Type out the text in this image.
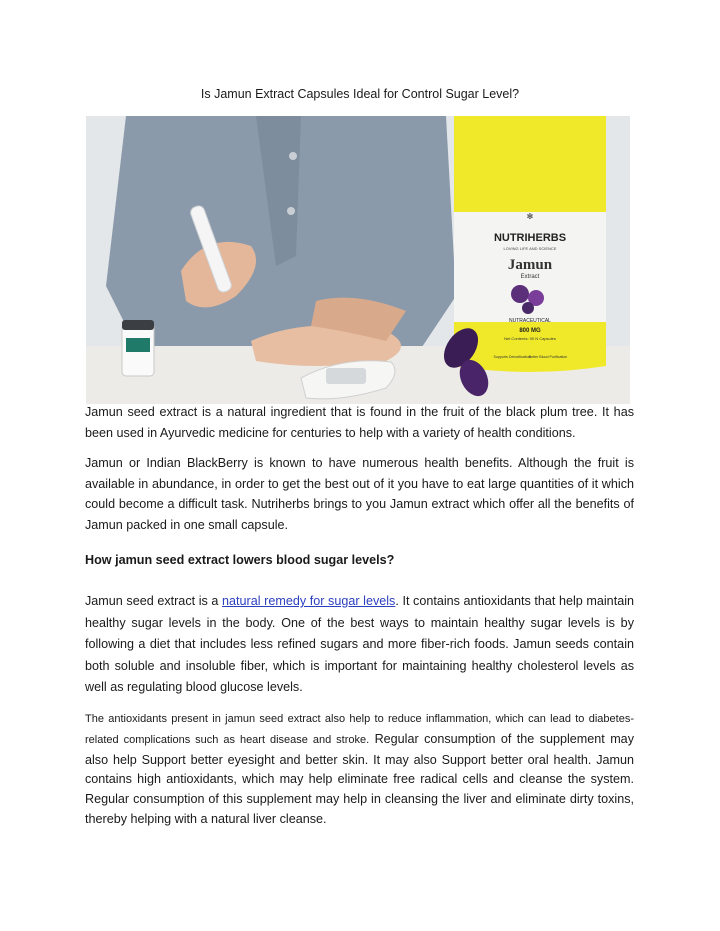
Is Jamun Extract Capsules Ideal for Control Sugar Level?
✻
NUTRIHERBS
LOVING LIFE AND SCIENCE
Jamun
Extract
NUTRACEUTICAL
800 MG
Net Contents: 90 N Capsules
Supports Detoxification
Better Blood Purification

Jamun seed extract is a natural ingredient that is found in the fruit of the black plum tree. It has been used in Ayurvedic medicine for centuries to help with a variety of health conditions.

Jamun or Indian BlackBerry is known to have numerous health benefits. Although the fruit is available in abundance, in order to get the best out of it you have to eat large quantities of it which could become a difficult task. Nutriherbs brings to you Jamun extract which offer all the benefits of Jamun packed in one small capsule.

How jamun seed extract lowers blood sugar levels?

Jamun seed extract is a natural remedy for sugar levels. It contains antioxidants that help maintain healthy sugar levels in the body. One of the best ways to maintain healthy sugar levels is by following a diet that includes less refined sugars and more fiber-rich foods. Jamun seeds contain both soluble and insoluble fiber, which is important for maintaining healthy cholesterol levels as well as regulating blood glucose levels.

The antioxidants present in jamun seed extract also help to reduce inflammation, which can lead to diabetes-related complications such as heart disease and stroke. Regular consumption of the supplement may also help Support better eyesight and better skin. It may also Support better oral health. Jamun contains high antioxidants, which may help eliminate free radical cells and cleanse the system. Regular consumption of this supplement may help in cleansing the liver and eliminate dirty toxins, thereby helping with a natural liver cleanse.
